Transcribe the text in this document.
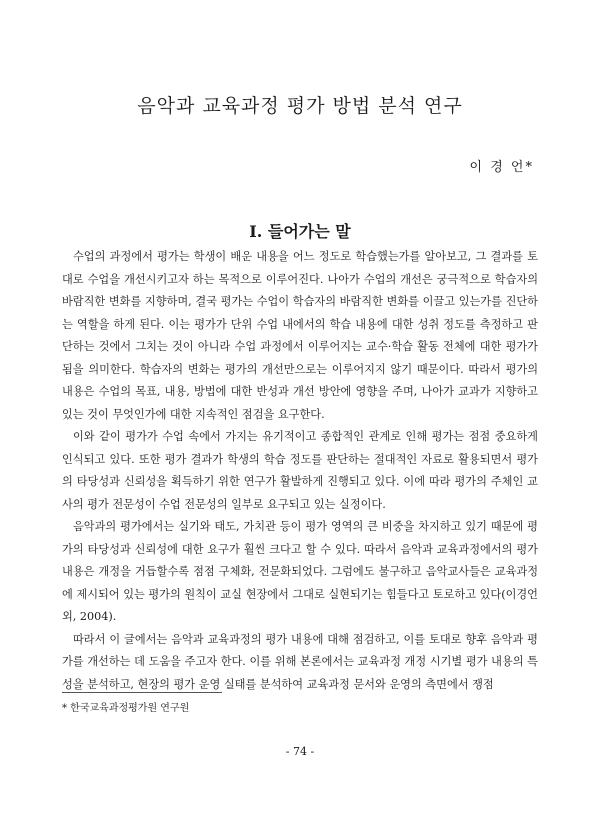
음악과 교육과정 평가 방법 분석 연구
이 경 언*
Ⅰ. 들어가는 말

수업의 과정에서 평가는 학생이 배운 내용을 어느 정도로 학습했는가를 알아보고, 그 결과를 토대로 수업을 개선시키고자 하는 목적으로 이루어진다. 나아가 수업의 개선은 궁극적으로 학습자의 바람직한 변화를 지향하며, 결국 평가는 수업이 학습자의 바람직한 변화를 이끌고 있는가를 진단하는 역할을 하게 된다. 이는 평가가 단위 수업 내에서의 학습 내용에 대한 성취 정도를 측정하고 판단하는 것에서 그치는 것이 아니라 수업 과정에서 이루어지는 교수·학습 활동 전체에 대한 평가가 됨을 의미한다. 학습자의 변화는 평가의 개선만으로는 이루어지지 않기 때문이다. 따라서 평가의 내용은 수업의 목표, 내용, 방법에 대한 반성과 개선 방안에 영향을 주며, 나아가 교과가 지향하고 있는 것이 무엇인가에 대한 지속적인 점검을 요구한다.

이와 같이 평가가 수업 속에서 가지는 유기적이고 종합적인 관계로 인해 평가는 점점 중요하게 인식되고 있다. 또한 평가 결과가 학생의 학습 정도를 판단하는 절대적인 자료로 활용되면서 평가의 타당성과 신뢰성을 획득하기 위한 연구가 활발하게 진행되고 있다. 이에 따라 평가의 주체인 교사의 평가 전문성이 수업 전문성의 일부로 요구되고 있는 실정이다.

음악과의 평가에서는 실기와 태도, 가치관 등이 평가 영역의 큰 비중을 차지하고 있기 때문에 평가의 타당성과 신뢰성에 대한 요구가 훨씬 크다고 할 수 있다. 따라서 음악과 교육과정에서의 평가 내용은 개정을 거듭할수록 점점 구체화, 전문화되었다. 그럼에도 불구하고 음악교사들은 교육과정에 제시되어 있는 평가의 원칙이 교실 현장에서 그대로 실현되기는 힘들다고 토로하고 있다(이경언 외, 2004).

따라서 이 글에서는 음악과 교육과정의 평가 내용에 대해 점검하고, 이를 토대로 향후 음악과 평가를 개선하는 데 도움을 주고자 한다. 이를 위해 본론에서는 교육과정 개정 시기별 평가 내용의 특성을 분석하고, 현장의 평가 운영 실태를 분석하여 교육과정 문서와 운영의 측면에서 쟁점

* 한국교육과정평가원 연구원
- 74 -
